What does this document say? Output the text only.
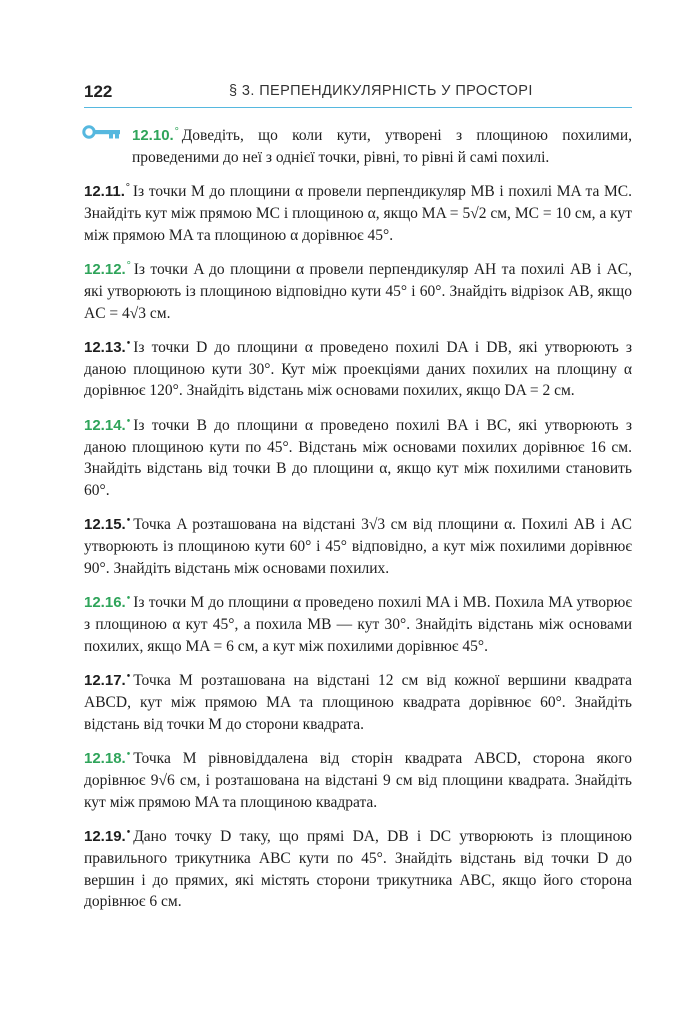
122	§ 3. ПЕРПЕНДИКУЛЯРНІСТЬ У ПРОСТОРІ
12.10.° Доведіть, що коли кути, утворені з площиною похилими, проведеними до неї з однієї точки, рівні, то рівні й самі похилі.
12.11.° Із точки M до площини α провели перпендикуляр MB і похилі MA та MC. Знайдіть кут між прямою MC і площиною α, якщо MA = 5√2 см, MC = 10 см, а кут між прямою MA та площиною α дорівнює 45°.
12.12.° Із точки A до площини α провели перпендикуляр AH та похилі AB і AC, які утворюють із площиною відповідно кути 45° і 60°. Знайдіть відрізок AB, якщо AC = 4√3 см.
12.13.• Із точки D до площини α проведено похилі DA і DB, які утворюють з даною площиною кути 30°. Кут між проекціями даних похилих на площину α дорівнює 120°. Знайдіть відстань між основами похилих, якщо DA = 2 см.
12.14.• Із точки B до площини α проведено похилі BA і BC, які утворюють з даною площиною кути по 45°. Відстань між основами похилих дорівнює 16 см. Знайдіть відстань від точки B до площини α, якщо кут між похилими становить 60°.
12.15.• Точка A розташована на відстані 3√3 см від площини α. Похилі AB і AC утворюють із площиною кути 60° і 45° відповідно, а кут між похилими дорівнює 90°. Знайдіть відстань між основами похилих.
12.16.• Із точки M до площини α проведено похилі MA і MB. Похила MA утворює з площиною α кут 45°, а похила MB — кут 30°. Знайдіть відстань між основами похилих, якщо MA = 6 см, а кут між похилими дорівнює 45°.
12.17.• Точка M розташована на відстані 12 см від кожної вершини квадрата ABCD, кут між прямою MA та площиною квадрата дорівнює 60°. Знайдіть відстань від точки M до сторони квадрата.
12.18.• Точка M рівновіддалена від сторін квадрата ABCD, сторона якого дорівнює 9√6 см, і розташована на відстані 9 см від площини квадрата. Знайдіть кут між прямою MA та площиною квадрата.
12.19.• Дано точку D таку, що прямі DA, DB і DC утворюють із площиною правильного трикутника ABC кути по 45°. Знайдіть відстань від точки D до вершин і до прямих, які містять сторони трикутника ABC, якщо його сторона дорівнює 6 см.
